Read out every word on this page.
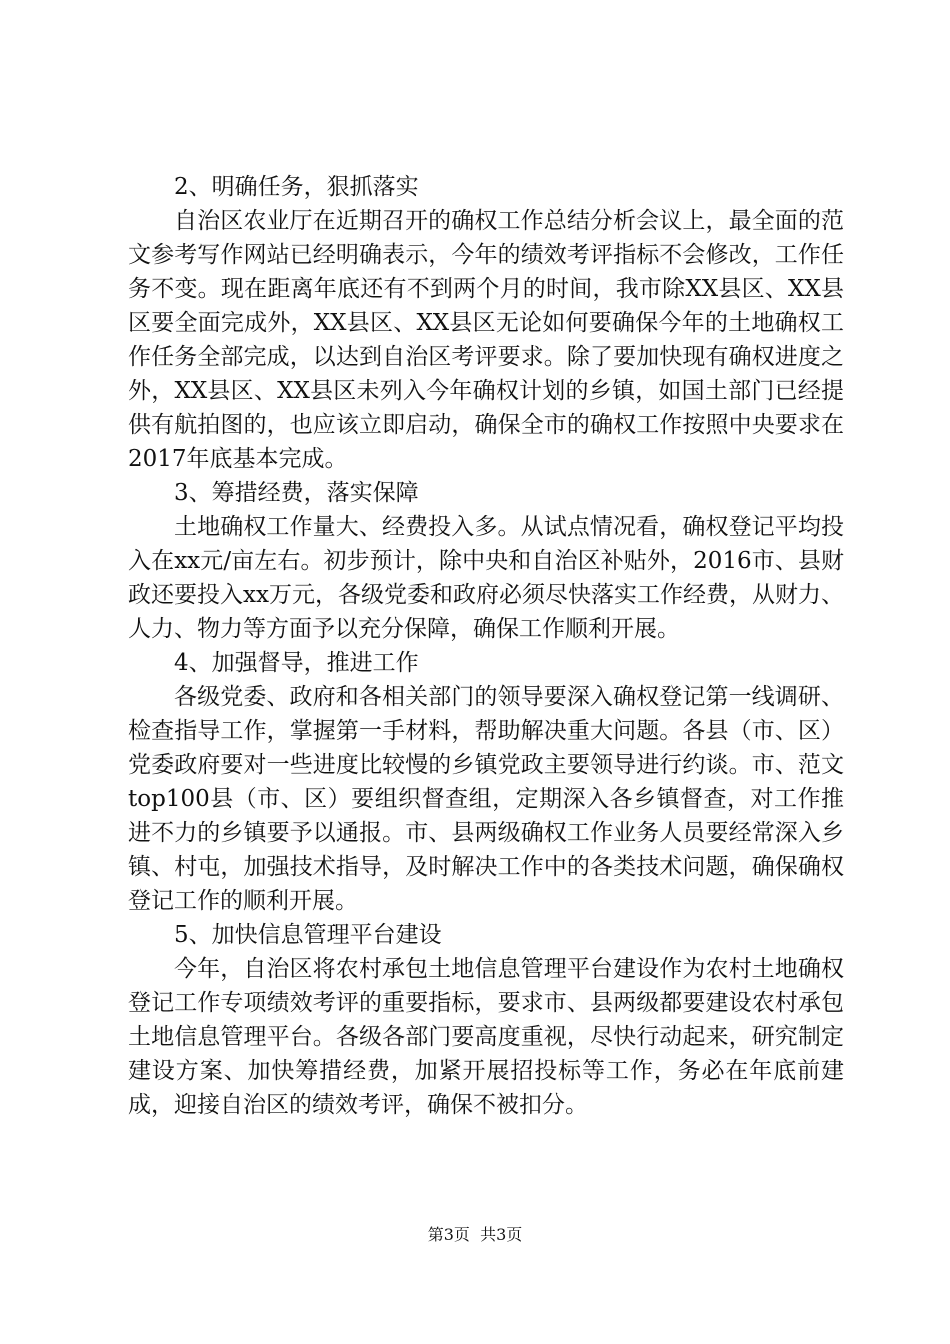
2、明确任务，狠抓落实

自治区农业厅在近期召开的确权工作总结分析会议上，最全面的范文参考写作网站已经明确表示，今年的绩效考评指标不会修改，工作任务不变。现在距离年底还有不到两个月的时间，我市除XX县区、XX县区要全面完成外，XX县区、XX县区无论如何要确保今年的土地确权工作任务全部完成，以达到自治区考评要求。除了要加快现有确权进度之外，XX县区、XX县区未列入今年确权计划的乡镇，如国土部门已经提供有航拍图的，也应该立即启动，确保全市的确权工作按照中央要求在2017年底基本完成。

3、筹措经费，落实保障

土地确权工作量大、经费投入多。从试点情况看，确权登记平均投入在xx元/亩左右。初步预计，除中央和自治区补贴外，2016市、县财政还要投入xx万元，各级党委和政府必须尽快落实工作经费，从财力、人力、物力等方面予以充分保障，确保工作顺利开展。

4、加强督导，推进工作

各级党委、政府和各相关部门的领导要深入确权登记第一线调研、检查指导工作，掌握第一手材料，帮助解决重大问题。各县（市、区）党委政府要对一些进度比较慢的乡镇党政主要领导进行约谈。市、范文top100县（市、区）要组织督查组，定期深入各乡镇督查，对工作推进不力的乡镇要予以通报。市、县两级确权工作业务人员要经常深入乡镇、村屯，加强技术指导，及时解决工作中的各类技术问题，确保确权登记工作的顺利开展。

5、加快信息管理平台建设

今年，自治区将农村承包土地信息管理平台建设作为农村土地确权登记工作专项绩效考评的重要指标，要求市、县两级都要建设农村承包土地信息管理平台。各级各部门要高度重视，尽快行动起来，研究制定建设方案、加快筹措经费，加紧开展招投标等工作，务必在年底前建成，迎接自治区的绩效考评，确保不被扣分。

第3页  共3页
